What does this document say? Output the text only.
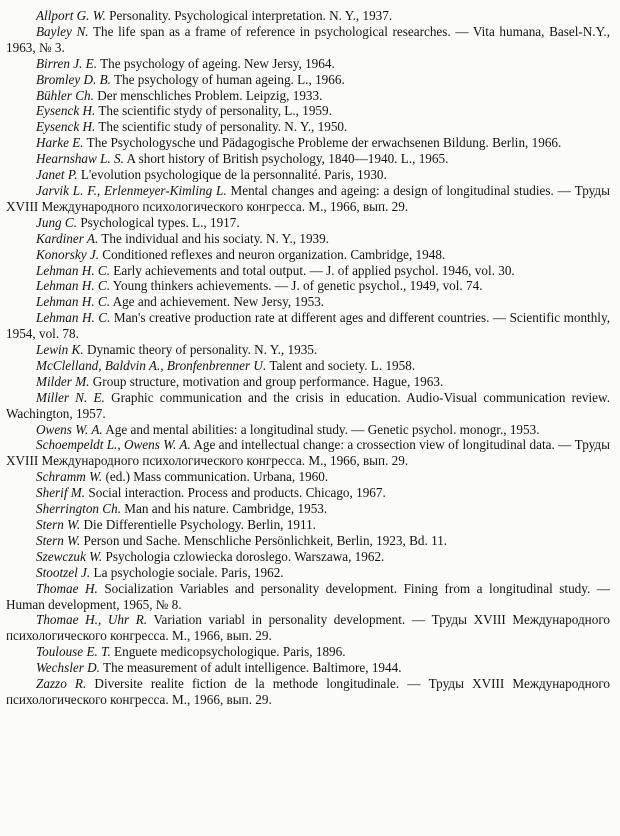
Allport G. W. Personality. Psychological interpretation. N. Y., 1937.

Bayley N. The life span as a frame of reference in psychological researches. — Vita humana, Basel-N.Y., 1963, № 3.

Birren J. E. The psychology of ageing. New Jersy, 1964.

Bromley D. B. The psychology of human ageing. L., 1966.

Bühler Ch. Der menschliches Problem. Leipzig, 1933.

Eysenck H. The scientific stydy of personality, L., 1959.

Eysenck H. The scientific study of personality. N. Y., 1950.

Harke E. The Psychologysche und Pädagogische Probleme der erwachsenen Bildung. Berlin, 1966.

Hearnshaw L. S. A short history of British psychology, 1840—1940. L., 1965.

Janet P. L'evolution psychologique de la personnalité. Paris, 1930.

Jarvik L. F., Erlenmeyer-Kimling L. Mental changes and ageing: a design of longitudinal studies. — Труды XVIII Международного психологического конгресса. М., 1966, вып. 29.

Jung C. Psychological types. L., 1917.

Kardiner A. The individual and his sociaty. N. Y., 1939.

Konorsky J. Conditioned reflexes and neuron organization. Cambridge, 1948.

Lehman H. C. Early achievements and total output. — J. of applied psychol. 1946, vol. 30.

Lehman H. C. Young thinkers achievements. — J. of genetic psychol., 1949, vol. 74.

Lehman H. C. Age and achievement. New Jersy, 1953.

Lehman H. C. Man's creative production rate at different ages and different countries. — Scientific monthly, 1954, vol. 78.

Lewin K. Dynamic theory of personality. N. Y., 1935.

McClelland, Baldvin A., Bronfenbrenner U. Talent and society. L. 1958.

Milder M. Group structure, motivation and group performance. Hague, 1963.

Miller N. E. Graphic communication and the crisis in education. Audio-Visual communication review. Wachington, 1957.

Owens W. A. Age and mental abilities: a longitudinal study. — Genetic psychol. monogr., 1953.

Schoempeldt L., Owens W. A. Age and intellectual change: a crossection view of longitudinal data. — Труды XVIII Международного психологического конгресса. М., 1966, вып. 29.

Schramm W. (ed.) Mass communication. Urbana, 1960.

Sherif M. Social interaction. Process and products. Chicago, 1967.

Sherrington Ch. Man and his nature. Cambridge, 1953.

Stern W. Die Differentielle Psychology. Berlin, 1911.

Stern W. Person und Sache. Menschliche Persönlichkeit, Berlin, 1923, Bd. 11.

Szewczuk W. Psychologia czlowiecka doroslego. Warszawa, 1962.

Stootzel J. La psychologie sociale. Paris, 1962.

Thomae H. Socialization Variables and personality development. Fining from a longitudinal study. — Human development, 1965, № 8.

Thomae H., Uhr R. Variation variabl in personality development. — Труды XVIII Международного психологического конгресса. М., 1966, вып. 29.

Toulouse E. T. Enguete medicopsychologique. Paris, 1896.

Wechsler D. The measurement of adult intelligence. Baltimore, 1944.

Zazzo R. Diversite realite fiction de la methode longitudinale. — Труды XVIII Международного психологического конгресса. М., 1966, вып. 29.
